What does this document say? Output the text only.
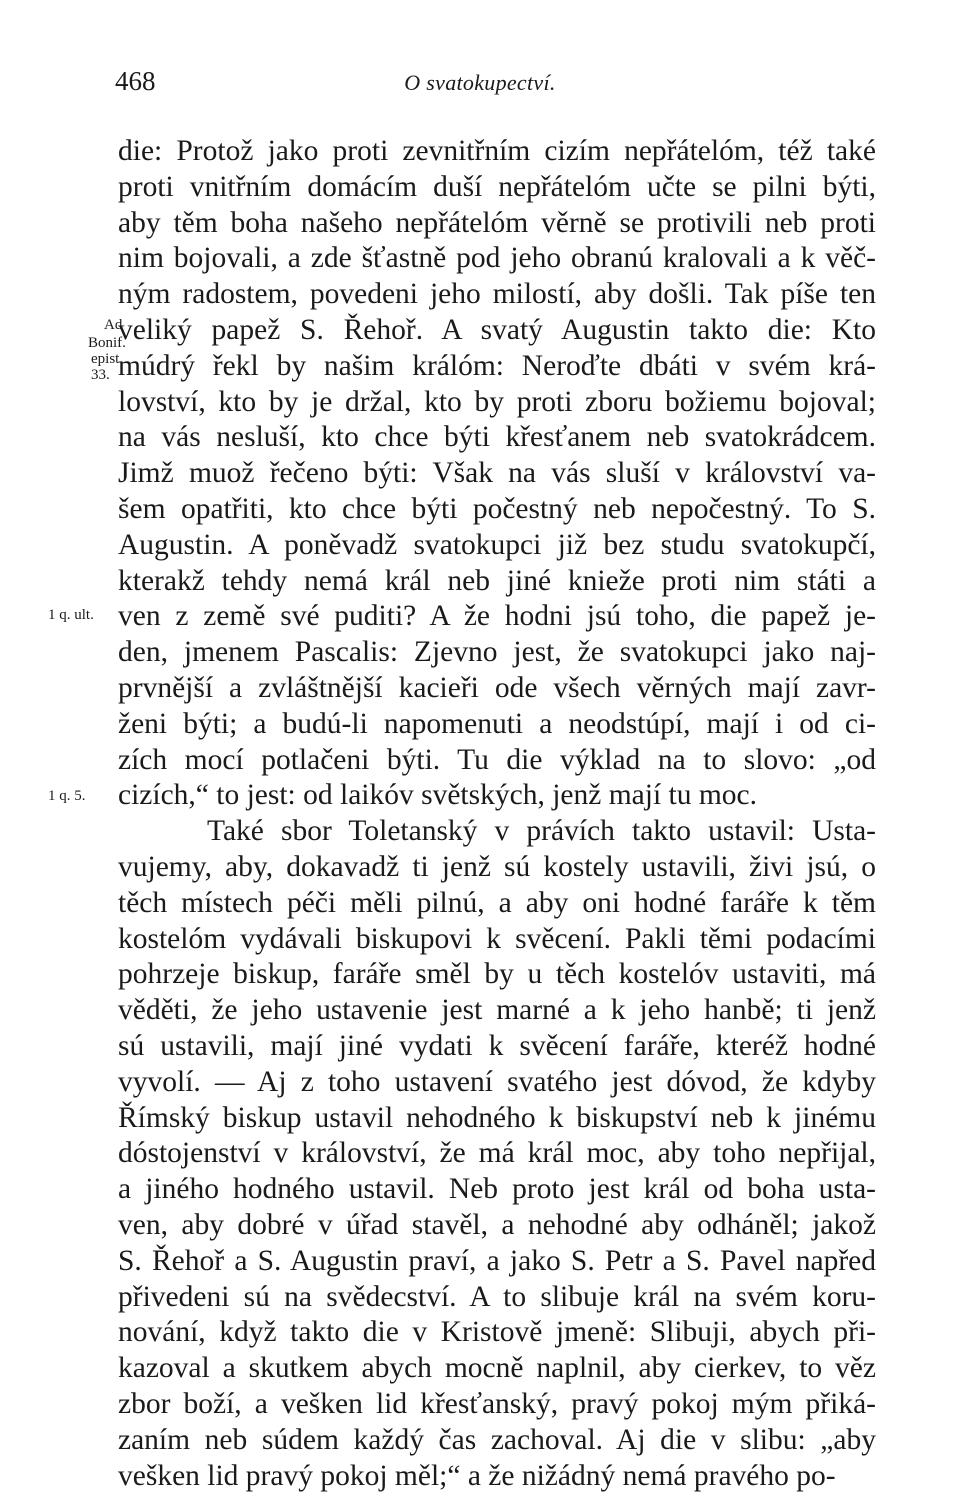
468	O svatokupectví.
Ad
Bonif.
epist.
33.
1 q. ult.
1 q. 5.
die: Protož jako proti zevnitřním cizím nepřátelóm, též také
proti vnitřním domácím duší nepřátelóm učte se pilni býti,
aby těm boha našeho nepřátelóm věrně se protivili neb proti
nim bojovali, a zde šťastně pod jeho obranú kralovali a k věč-
ným radostem, povedeni jeho milostí, aby došli. Tak píše ten
veliký papež S. Řehoř. A svatý Augustin takto die: Kto
múdrý řekl by našim králóm: Neroďte dbáti v svém krá-
lovství, kto by je držal, kto by proti zboru božiemu bojoval;
na vás nesluší, kto chce býti křesťanem neb svatokrádcem.
Jimž muož řečeno býti: Však na vás sluší v království va-
šem opatřiti, kto chce býti počestný neb nepočestný. To S.
Augustin. A poněvadž svatokupci již bez studu svatokupčí,
kterakž tehdy nemá král neb jiné knieže proti nim státi a
ven z země své puditi? A že hodni jsú toho, die papež je-
den, jmenem Pascalis: Zjevno jest, že svatokupci jako naj-
prvnější a zvláštnější kacieři ode všech věrných mají zavr-
ženi býti; a budú-li napomenuti a neodstúpí, mají i od ci-
zích mocí potlačeni býti. Tu die výklad na to slovo: „od
cizích,“ to jest: od laikóv světských, jenž mají tu moc.
Také sbor Toletanský v právích takto ustavil: Usta-
vujemy, aby, dokavadž ti jenž sú kostely ustavili, živi jsú, o
těch místech péči měli pilnú, a aby oni hodné faráře k těm
kostelóm vydávali biskupovi k svěcení. Pakli těmi podacími
pohrzeje biskup, faráře směl by u těch kostelóv ustaviti, má
věděti, že jeho ustavenie jest marné a k jeho hanbě; ti jenž
sú ustavili, mají jiné vydati k svěcení faráře, kteréž hodné
vyvolí. — Aj z toho ustavení svatého jest dóvod, že kdyby
Římský biskup ustavil nehodného k biskupství neb k jinému
dóstojenství v království, že má král moc, aby toho nepřijal,
a jiného hodného ustavil. Neb proto jest král od boha usta-
ven, aby dobré v úřad stavěl, a nehodné aby odháněl; jakož
S. Řehoř a S. Augustin praví, a jako S. Petr a S. Pavel napřed
přivedeni sú na svědecství. A to slibuje král na svém koru-
nování, když takto die v Kristově jmeně: Slibuji, abych při-
kazoval a skutkem abych mocně naplnil, aby cierkev, to věz
zbor boží, a vešken lid křesťanský, pravý pokoj mým přiká-
zaním neb súdem každý čas zachoval. Aj die v slibu: „aby
vešken lid pravý pokoj měl;“ a že nižádný nemá pravého po-
